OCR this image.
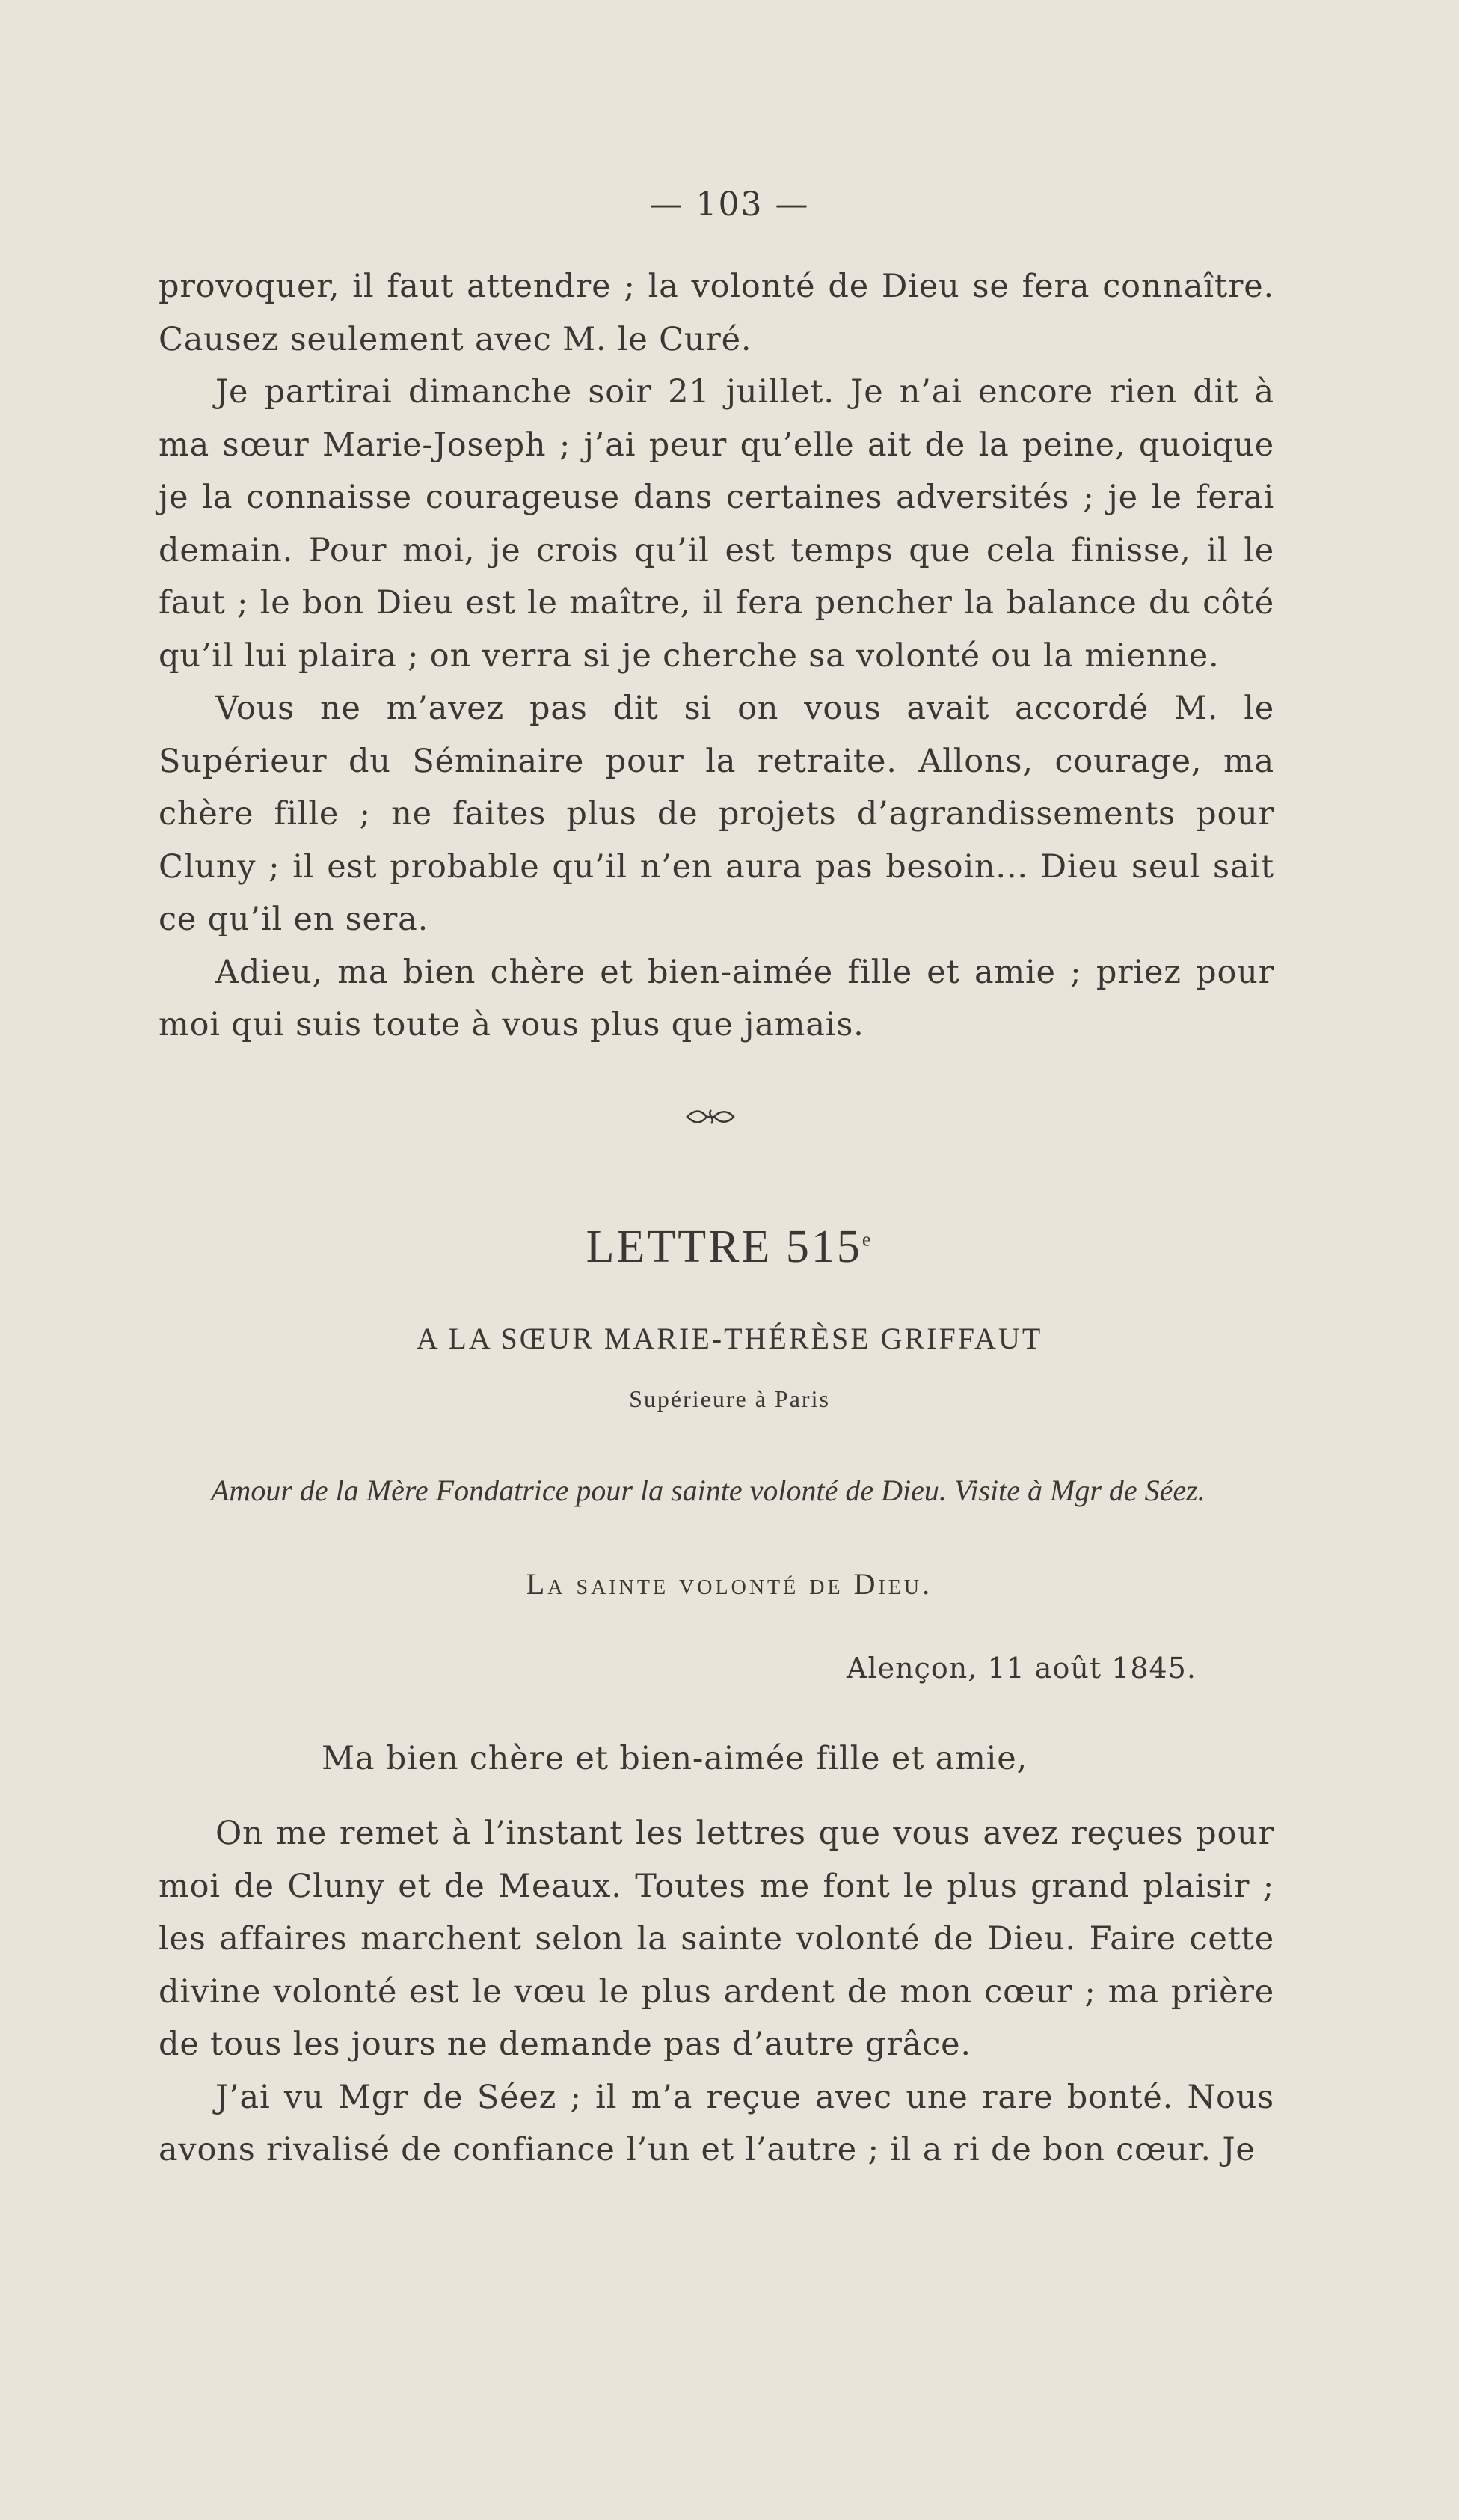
— 103 —

provoquer, il faut attendre ; la volonté de Dieu se fera connaître. Causez seulement avec M. le Curé.

Je partirai dimanche soir 21 juillet. Je n’ai encore rien dit à ma sœur Marie-Joseph ; j’ai peur qu’elle ait de la peine, quoique je la connaisse courageuse dans certaines adversités ; je le ferai demain. Pour moi, je crois qu’il est temps que cela finisse, il le faut ; le bon Dieu est le maître, il fera pencher la balance du côté qu’il lui plaira ; on verra si je cherche sa volonté ou la mienne.

Vous ne m’avez pas dit si on vous avait accordé M. le Supérieur du Séminaire pour la retraite. Allons, courage, ma chère fille ; ne faites plus de projets d’agrandissements pour Cluny ; il est probable qu’il n’en aura pas besoin... Dieu seul sait ce qu’il en sera.

Adieu, ma bien chère et bien-aimée fille et amie ; priez pour moi qui suis toute à vous plus que jamais.

LETTRE 515e
A LA SŒUR MARIE-THÉRÈSE GRIFFAUT
Supérieure à Paris
Amour de la Mère Fondatrice pour la sainte volonté de Dieu. Visite à Mgr de Séez.
La sainte volonté de Dieu.
Alençon, 11 août 1845.
Ma bien chère et bien-aimée fille et amie,

On me remet à l’instant les lettres que vous avez reçues pour moi de Cluny et de Meaux. Toutes me font le plus grand plaisir ; les affaires marchent selon la sainte volonté de Dieu. Faire cette divine volonté est le vœu le plus ardent de mon cœur ; ma prière de tous les jours ne demande pas d’autre grâce.

J’ai vu Mgr de Séez ; il m’a reçue avec une rare bonté. Nous avons rivalisé de confiance l’un et l’autre ; il a ri de bon cœur. Je
